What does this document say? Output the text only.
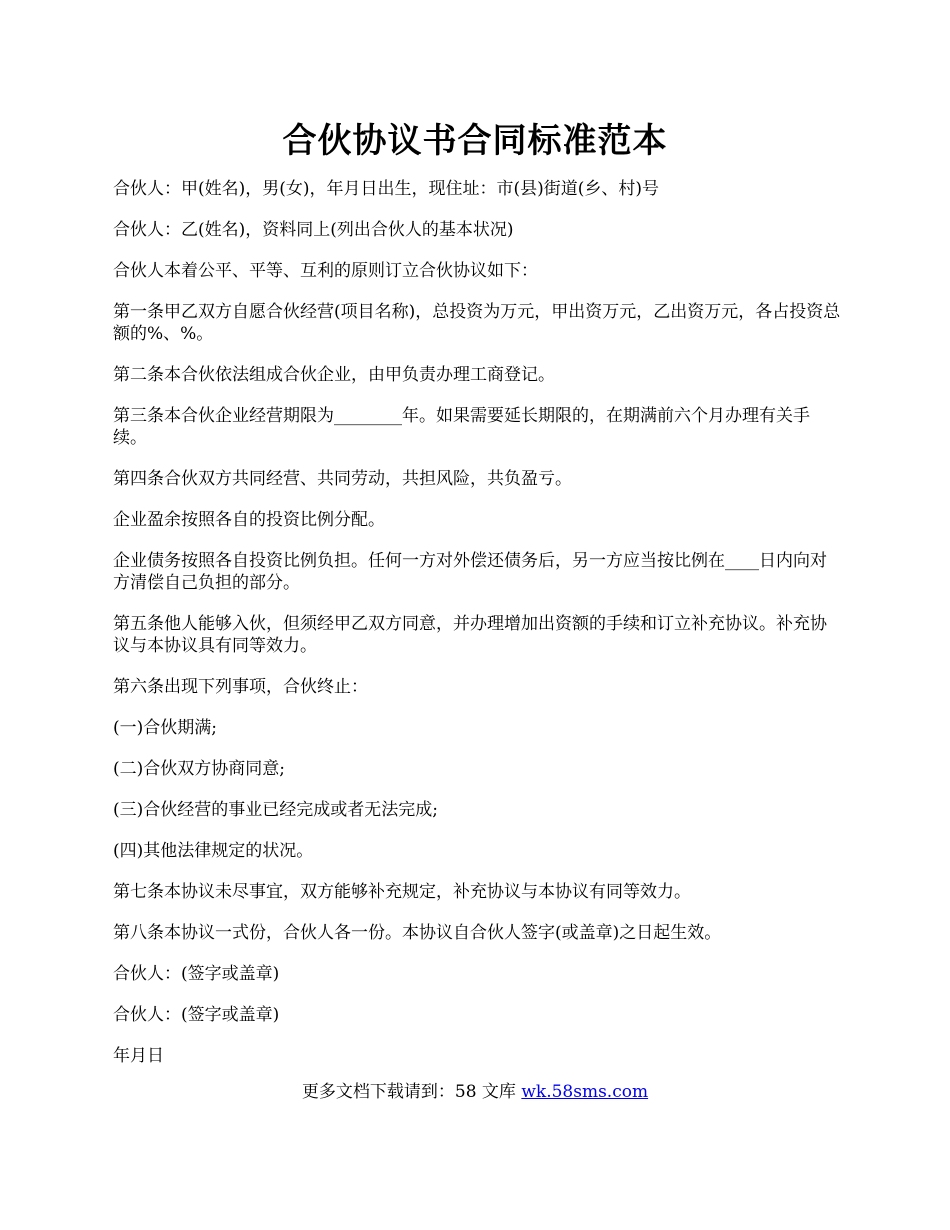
合伙协议书合同标准范本

合伙人：甲(姓名)，男(女)，年月日出生，现住址：市(县)街道(乡、村)号

合伙人：乙(姓名)，资料同上(列出合伙人的基本状况)

合伙人本着公平、平等、互利的原则订立合伙协议如下：

第一条甲乙双方自愿合伙经营(项目名称)，总投资为万元，甲出资万元，乙出资万元，各占投资总额的%、%。

第二条本合伙依法组成合伙企业，由甲负责办理工商登记。

第三条本合伙企业经营期限为________年。如果需要延长期限的，在期满前六个月办理有关手续。

第四条合伙双方共同经营、共同劳动，共担风险，共负盈亏。

企业盈余按照各自的投资比例分配。

企业债务按照各自投资比例负担。任何一方对外偿还债务后，另一方应当按比例在____日内向对方清偿自己负担的部分。

第五条他人能够入伙，但须经甲乙双方同意，并办理增加出资额的手续和订立补充协议。补充协议与本协议具有同等效力。

第六条出现下列事项，合伙终止：

(一)合伙期满;

(二)合伙双方协商同意;

(三)合伙经营的事业已经完成或者无法完成;

(四)其他法律规定的状况。

第七条本协议未尽事宜，双方能够补充规定，补充协议与本协议有同等效力。

第八条本协议一式份，合伙人各一份。本协议自合伙人签字(或盖章)之日起生效。

合伙人：(签字或盖章)

合伙人：(签字或盖章)

年月日

更多文档下载请到：58 文库 wk.58sms.com
